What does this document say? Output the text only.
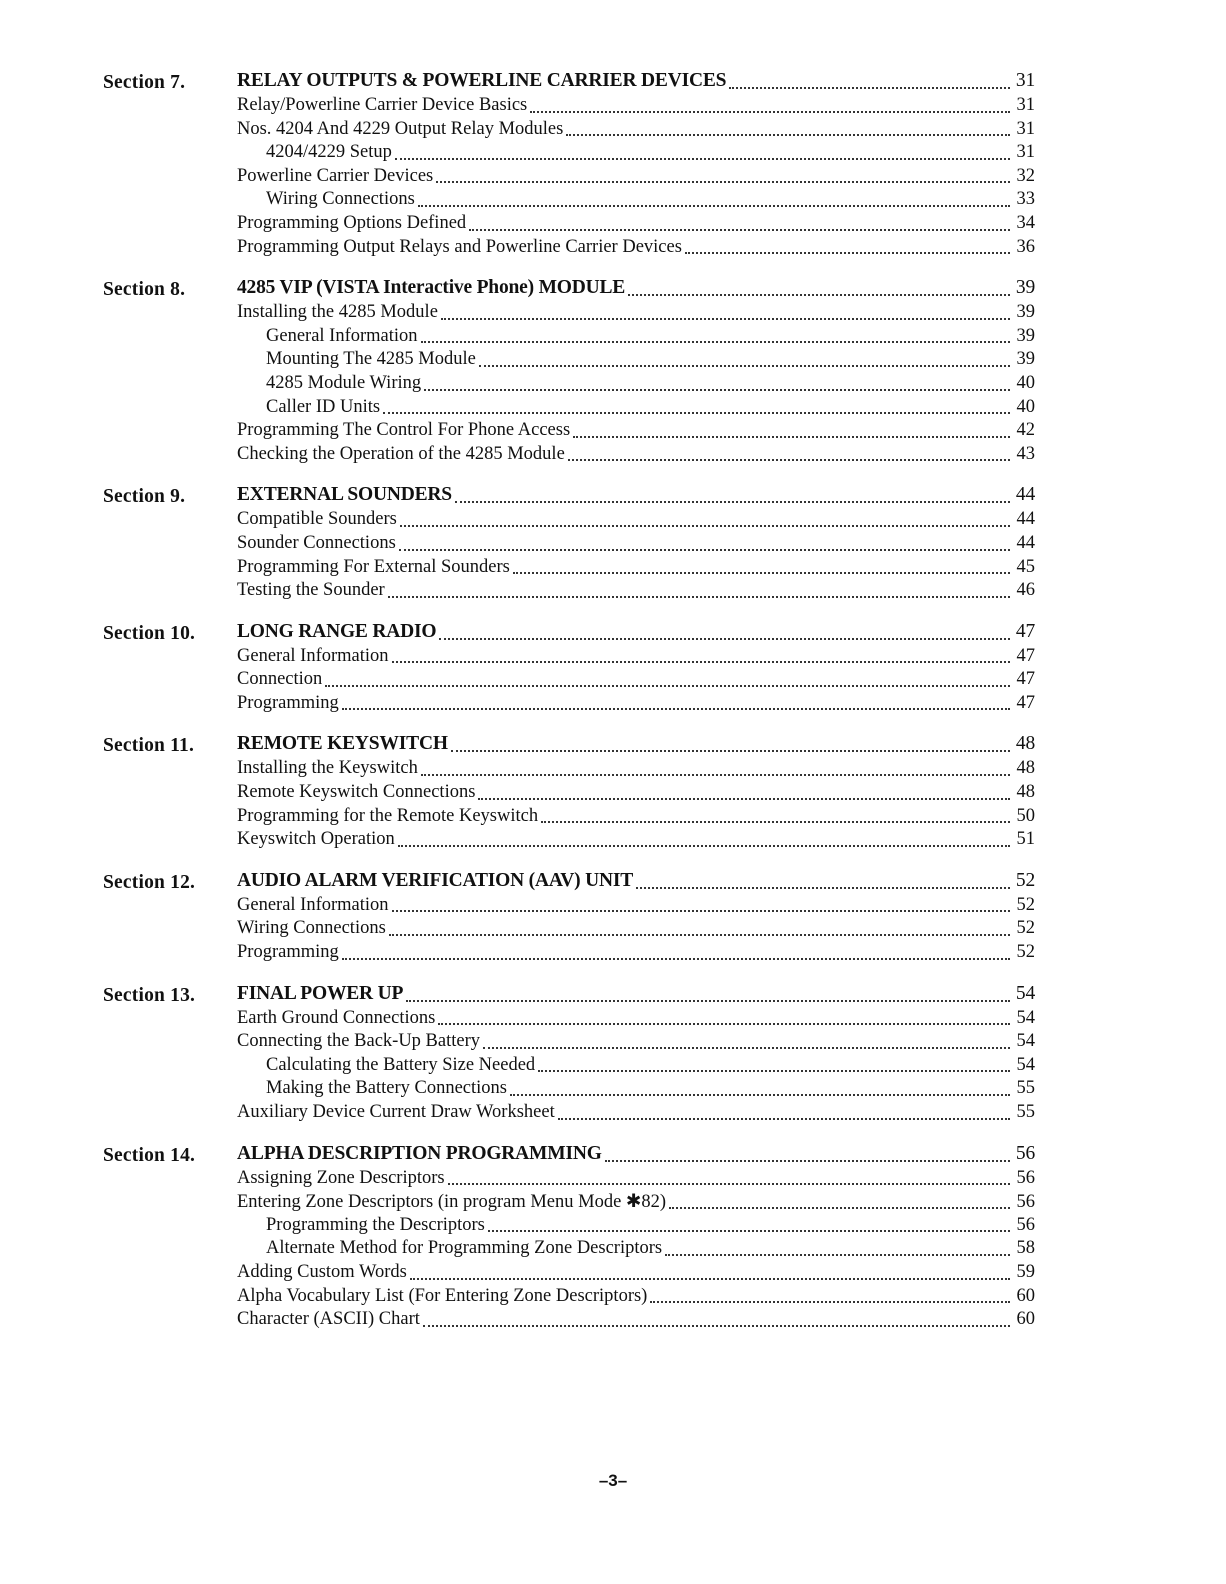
Section 7.	RELAY OUTPUTS & POWERLINE CARRIER DEVICES	31
Relay/Powerline Carrier Device Basics	31
Nos. 4204 And 4229 Output Relay Modules	31
4204/4229 Setup	31
Powerline Carrier Devices	32
Wiring Connections	33
Programming Options Defined	34
Programming Output Relays and Powerline Carrier Devices	36
Section 8.	4285 VIP (VISTA Interactive Phone) MODULE	39
Installing the 4285 Module	39
General Information	39
Mounting The 4285 Module	39
4285 Module Wiring	40
Caller ID Units	40
Programming The Control For Phone Access	42
Checking the Operation of the 4285 Module	43
Section 9.	EXTERNAL SOUNDERS	44
Compatible Sounders	44
Sounder Connections	44
Programming For External Sounders	45
Testing the Sounder	46
Section 10.	LONG RANGE RADIO	47
General Information	47
Connection	47
Programming	47
Section 11.	REMOTE KEYSWITCH	48
Installing the Keyswitch	48
Remote Keyswitch Connections	48
Programming for the Remote Keyswitch	50
Keyswitch Operation	51
Section 12.	AUDIO ALARM VERIFICATION (AAV) UNIT	52
General Information	52
Wiring Connections	52
Programming	52
Section 13.	FINAL POWER UP	54
Earth Ground Connections	54
Connecting the Back-Up Battery	54
Calculating the Battery Size Needed	54
Making the Battery Connections	55
Auxiliary Device Current Draw Worksheet	55
Section 14.	ALPHA DESCRIPTION PROGRAMMING	56
Assigning Zone Descriptors	56
Entering Zone Descriptors (in program Menu Mode ✱82)	56
Programming the Descriptors	56
Alternate Method for Programming Zone Descriptors	58
Adding Custom Words	59
Alpha Vocabulary List (For Entering Zone Descriptors)	60
Character (ASCII) Chart	60
–3–
